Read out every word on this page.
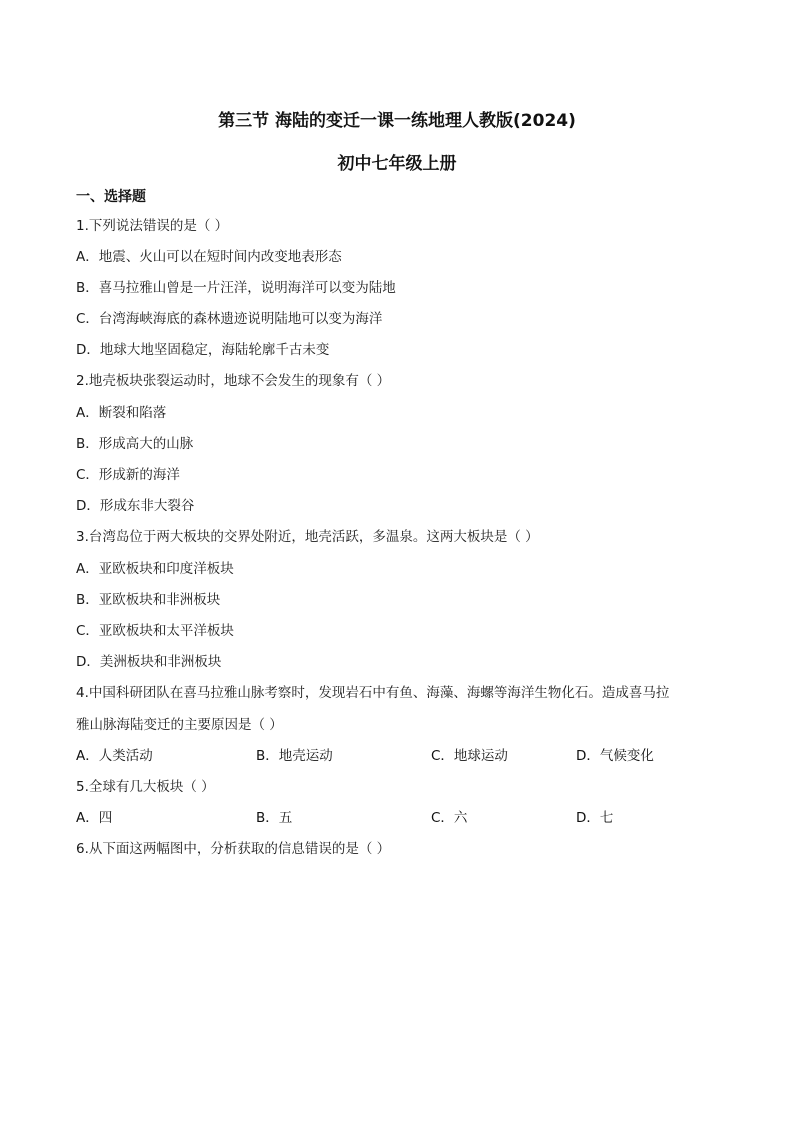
第三节 海陆的变迁一课一练地理人教版(2024)
初中七年级上册
一、选择题
1.下列说法错误的是（ ）
A．地震、火山可以在短时间内改变地表形态
B．喜马拉雅山曾是一片汪洋，说明海洋可以变为陆地
C．台湾海峡海底的森林遗迹说明陆地可以变为海洋
D．地球大地坚固稳定，海陆轮廓千古未变
2.地壳板块张裂运动时，地球不会发生的现象有（ ）
A．断裂和陷落
B．形成高大的山脉
C．形成新的海洋
D．形成东非大裂谷
3.台湾岛位于两大板块的交界处附近，地壳活跃，多温泉。这两大板块是（ ）
A．亚欧板块和印度洋板块
B．亚欧板块和非洲板块
C．亚欧板块和太平洋板块
D．美洲板块和非洲板块
4.中国科研团队在喜马拉雅山脉考察时，发现岩石中有鱼、海藻、海螺等海洋生物化石。造成喜马拉
雅山脉海陆变迁的主要原因是（ ）
A．人类活动	B．地壳运动	C．地球运动	D．气候变化
5.全球有几大板块（ ）
A．四	B．五	C．六	D．七
6.从下面这两幅图中，分析获取的信息错误的是（ ）
